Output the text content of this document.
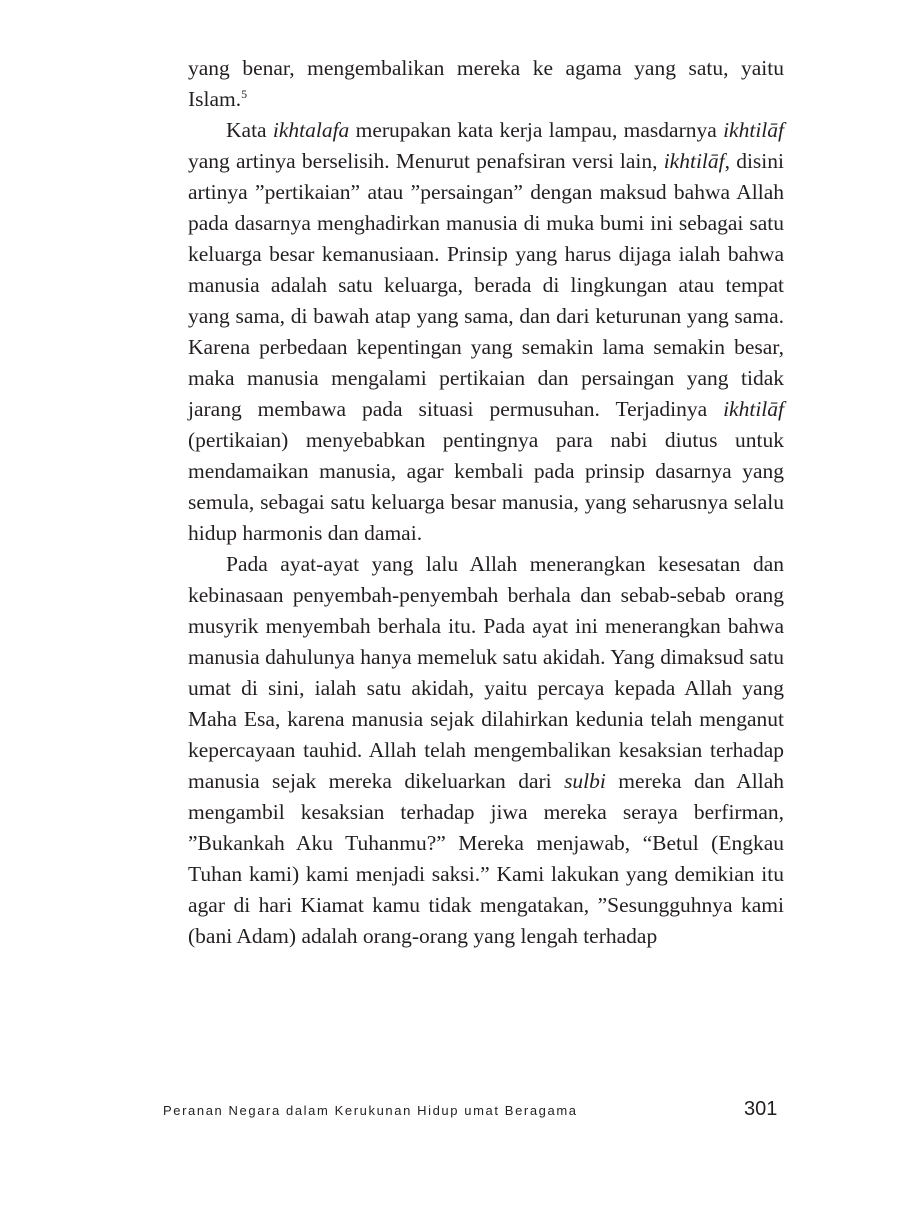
yang benar, mengembalikan mereka ke agama yang satu, yaitu Islam.$^5$

Kata ikhtalafa merupakan kata kerja lampau, masdarnya ikhtilāf yang artinya berselisih. Menurut penafsiran versi lain, ikhtilāf, disini artinya ”pertikaian” atau ”persaingan” dengan maksud bahwa Allah pada dasarnya menghadirkan manusia di muka bumi ini sebagai satu keluarga besar kemanusiaan. Prinsip yang harus dijaga ialah bahwa manusia adalah satu keluarga, berada di lingkungan atau tempat yang sama, di bawah atap yang sama, dan dari keturunan yang sama. Karena perbedaan kepentingan yang semakin lama semakin besar, maka manusia mengalami pertikaian dan persaingan yang tidak jarang membawa pada situasi permusuhan. Terjadinya ikhtilāf (pertikaian) menyebabkan pentingnya para nabi diutus untuk mendamaikan manusia, agar kembali pada prinsip dasarnya yang semula, sebagai satu keluarga besar manusia, yang seharusnya selalu hidup harmonis dan damai.

Pada ayat-ayat yang lalu Allah menerangkan kesesatan dan kebinasaan penyembah-penyembah berhala dan sebab-sebab orang musyrik menyembah berhala itu. Pada ayat ini menerangkan bahwa manusia dahulunya hanya memeluk satu akidah. Yang dimaksud satu umat di sini, ialah satu akidah, yaitu percaya kepada Allah yang Maha Esa, karena manusia sejak dilahirkan kedunia telah menganut kepercayaan tauhid. Allah telah mengembalikan kesaksian terhadap manusia sejak mereka dikeluarkan dari sulbi mereka dan Allah mengambil kesaksian terhadap jiwa mereka seraya berfirman, ”Bukankah Aku Tuhanmu?” Mereka menjawab, “Betul (Engkau Tuhan kami) kami menjadi saksi.” Kami lakukan yang demikian itu agar di hari Kiamat kamu tidak mengatakan, ”Sesungguhnya kami (bani Adam) adalah orang-orang yang lengah terhadap

Peranan Negara dalam Kerukunan Hidup umat Beragama	301
